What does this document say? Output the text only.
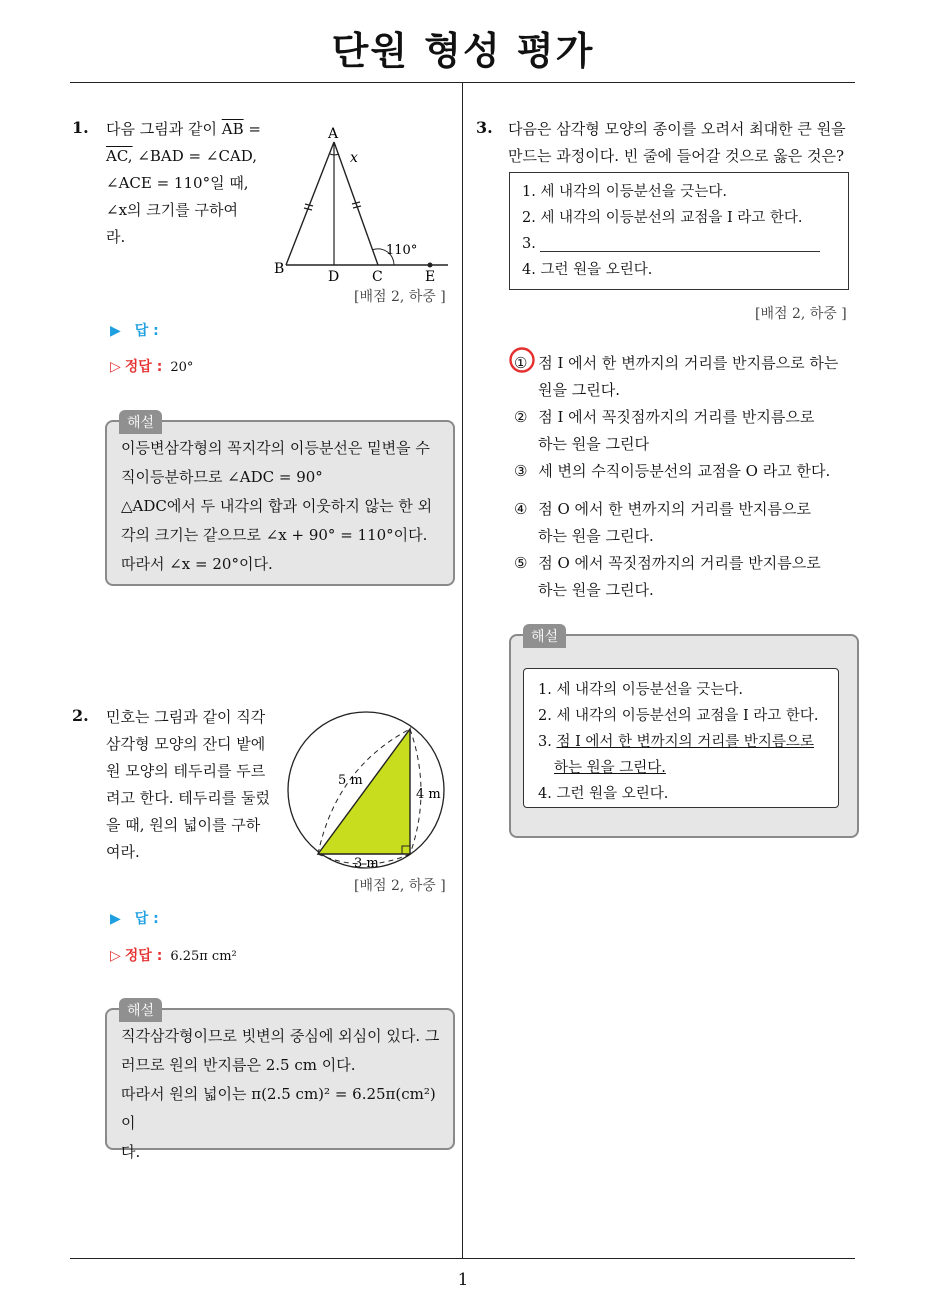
단원 형성 평가
1
1. 다음 그림과 같이 $\overline{AB}$ =
AC, ∠BAD = ∠CAD,
∠ACE = 110°일 때,
∠x의 크기를 구하여
라.
A
B	D C	E
x
110°
[배점 2, 하중 ]
▶ 답 :
▷ 정답 : 20°
해설
이등변삼각형의 꼭지각의 이등분선은 밑변을 수
직이등분하므로 ∠ADC = 90°
△ADC에서 두 내각의 합과 이웃하지 않는 한 외
각의 크기는 같으므로 ∠x + 90° = 110°이다.
따라서 ∠x = 20°이다.
2. 민호는 그림과 같이 직각
삼각형 모양의 잔디 밭에
원 모양의 테두리를 두르
려고 한다. 테두리를 둘렀
을 때, 원의 넓이를 구하
여라.
5 m
4 m
3 m
[배점 2, 하중 ]
▶ 답 :
▷ 정답 : 6.25π cm²
해설
직각삼각형이므로 빗변의 중심에 외심이 있다. 그
러므로 원의 반지름은 2.5 cm 이다.
따라서 원의 넓이는 π(2.5 cm)² = 6.25π(cm²) 이
다.
3. 다음은 삼각형 모양의 종이를 오려서 최대한 큰 원을
만드는 과정이다. 빈 줄에 들어갈 것으로 옳은 것은?
1. 세 내각의 이등분선을 긋는다.
2. 세 내각의 이등분선의 교점을 I 라고 한다.
3.
4. 그런 원을 오린다.
[배점 2, 하중 ]
① 점 I 에서 한 변까지의 거리를 반지름으로 하는
원을 그린다.
② 점 I 에서 꼭짓점까지의 거리를 반지름으로
하는 원을 그린다
③ 세 변의 수직이등분선의 교점을 O 라고 한다.
④ 점 O 에서 한 변까지의 거리를 반지름으로
하는 원을 그린다.
⑤ 점 O 에서 꼭짓점까지의 거리를 반지름으로
하는 원을 그린다.
해설
1. 세 내각의 이등분선을 긋는다.
2. 세 내각의 이등분선의 교점을 I 라고 한다.
3. 점 I 에서 한 변까지의 거리를 반지름으로
하는 원을 그린다.
4. 그런 원을 오린다.
